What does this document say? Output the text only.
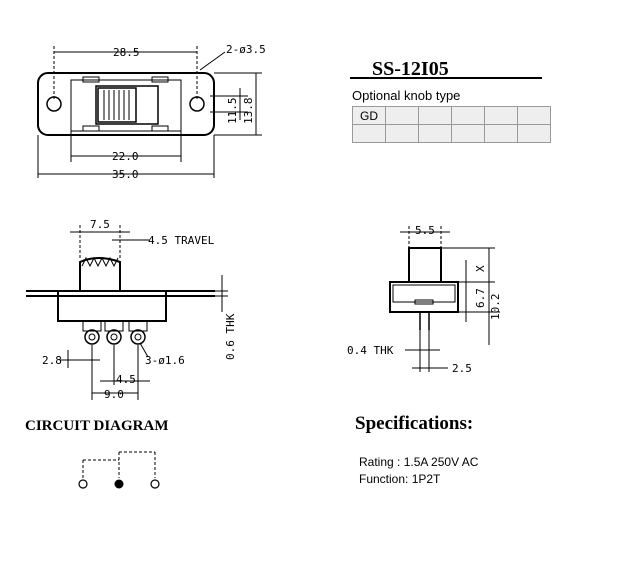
28.5	2-ø3.5
11.5 13.8
22.0
35.0
7.5
4.5 TRAVEL
0.6 THK
2.8
4.5
9.0
3-ø1.6
5.5
X
6.7 10.2
0.4 THK
2.5
SS-12I05
Optional knob type
GD					

CIRCUIT DIAGRAM	Specifications:
Rating : 1.5A 250V AC
Function: 1P2T
